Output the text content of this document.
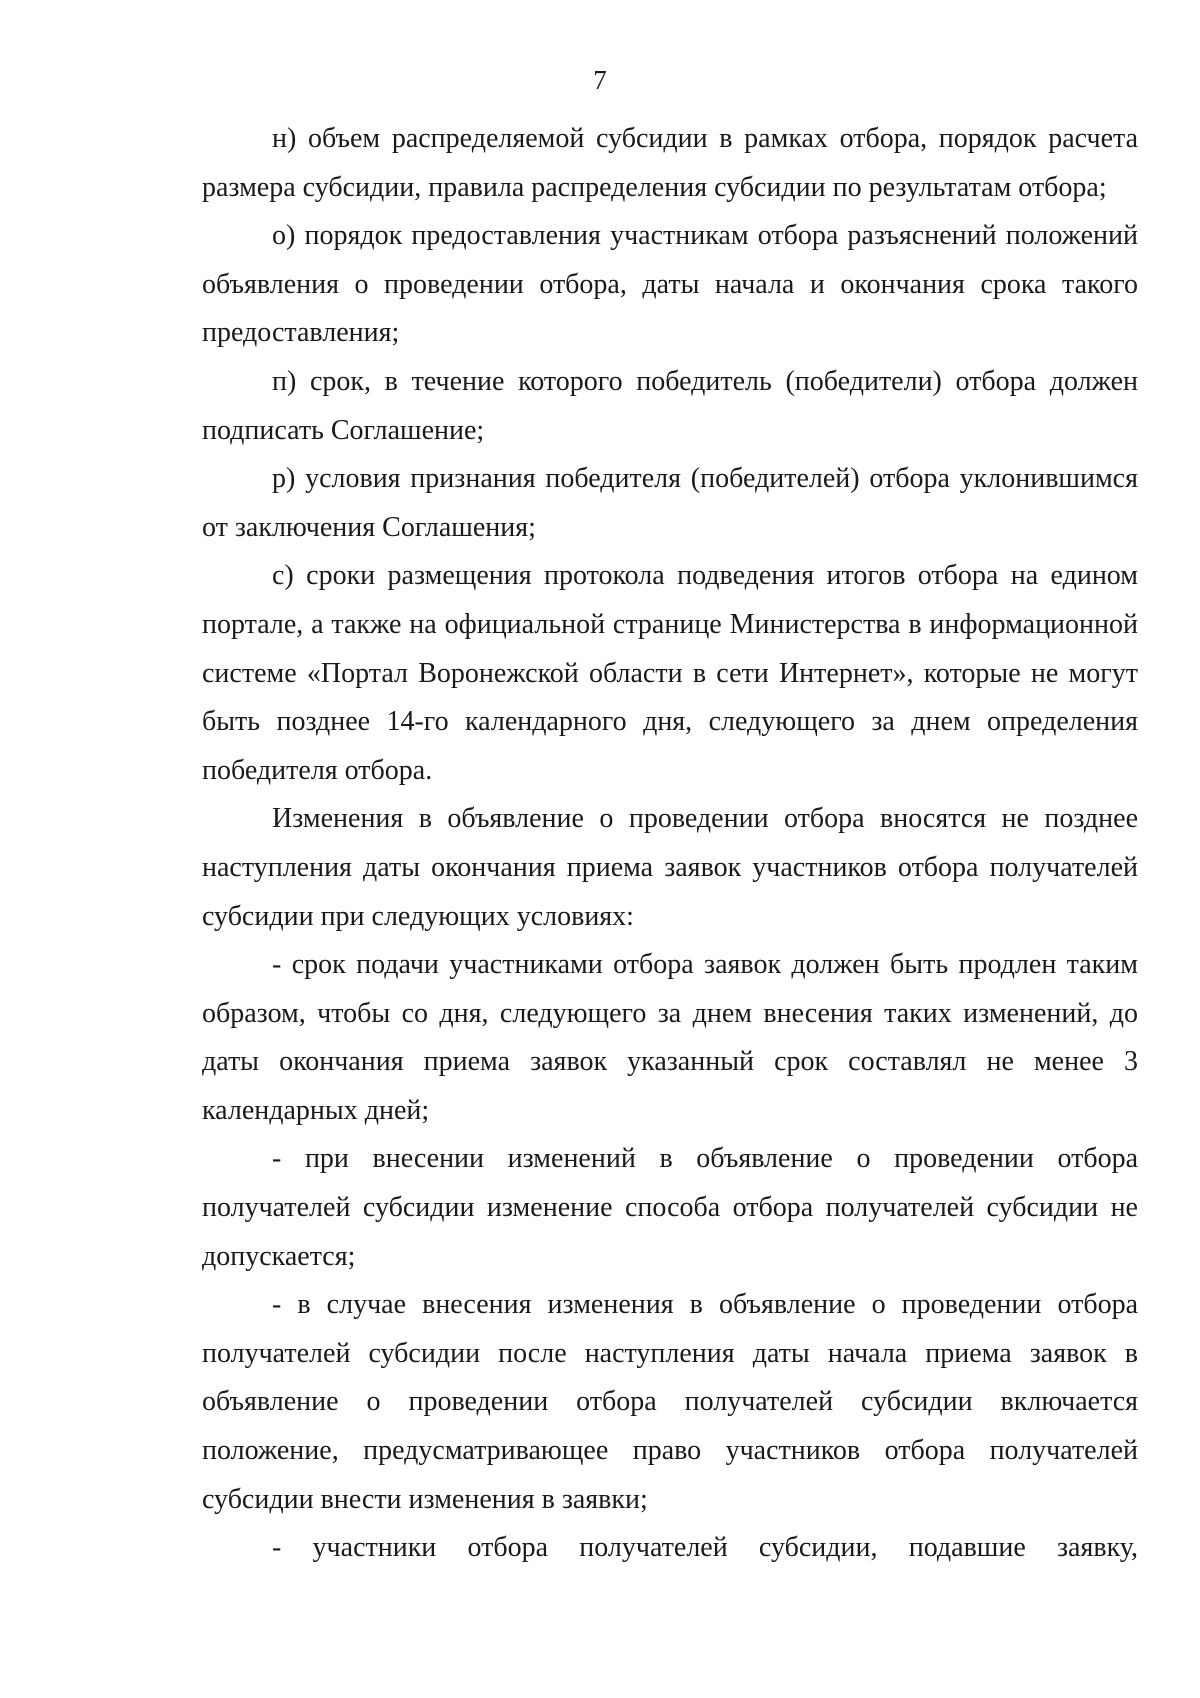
7

н) объем распределяемой субсидии в рамках отбора, порядок расчета размера субсидии, правила распределения субсидии по результатам отбора;

о) порядок предоставления участникам отбора разъяснений положений объявления о проведении отбора, даты начала и окончания срока такого предоставления;

п) срок, в течение которого победитель (победители) отбора должен подписать Соглашение;

р) условия признания победителя (победителей) отбора уклонившимся от заключения Соглашения;

с) сроки размещения протокола подведения итогов отбора на едином портале, а также на официальной странице Министерства в информационной системе «Портал Воронежской области в сети Интернет», которые не могут быть позднее 14-го календарного дня, следующего за днем определения победителя отбора.

Изменения в объявление о проведении отбора вносятся не позднее наступления даты окончания приема заявок участников отбора получателей субсидии при следующих условиях:

- срок подачи участниками отбора заявок должен быть продлен таким образом, чтобы со дня, следующего за днем внесения таких изменений, до даты окончания приема заявок указанный срок составлял не менее 3 календарных дней;

- при внесении изменений в объявление о проведении отбора получателей субсидии изменение способа отбора получателей субсидии не допускается;

- в случае внесения изменения в объявление о проведении отбора получателей субсидии после наступления даты начала приема заявок в объявление о проведении отбора получателей субсидии включается положение, предусматривающее право участников отбора получателей субсидии внести изменения в заявки;

- участники отбора получателей субсидии, подавшие заявку,
